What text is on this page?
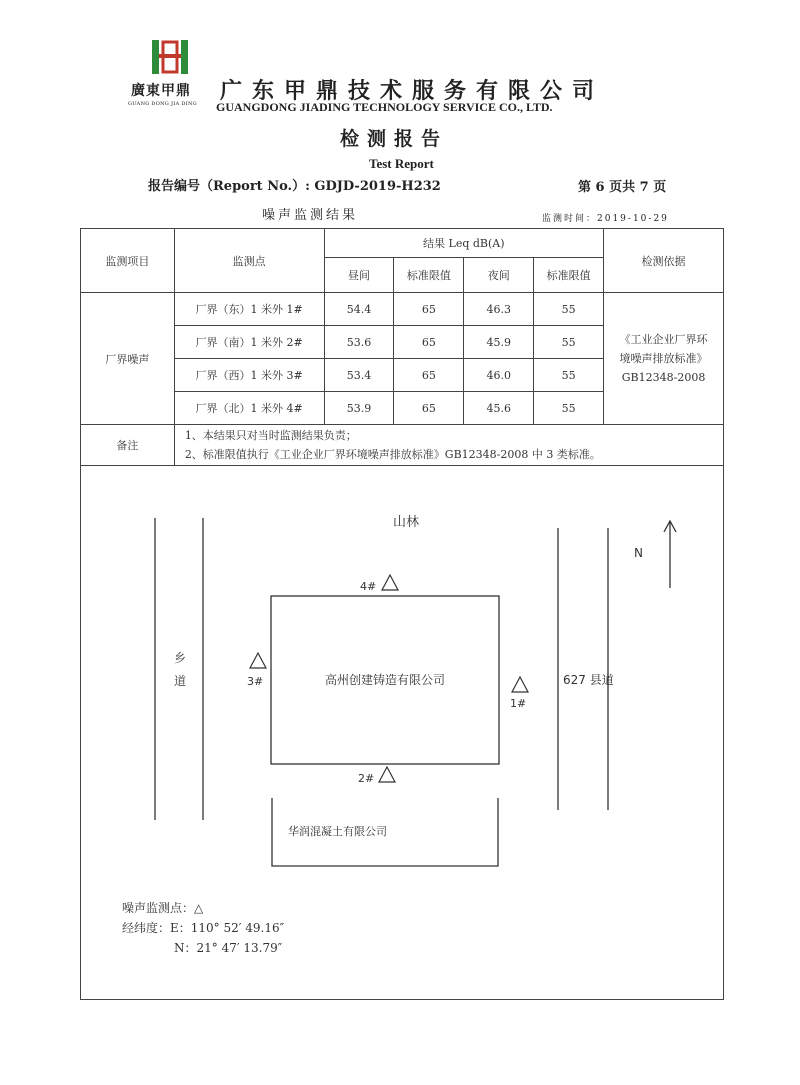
廣東甲鼎
GUANG DONG JIA DING 广东甲鼎技术服务有限公司
GUANGDONG JIADING TECHNOLOGY SERVICE CO., LTD.
检测报告
Test Report
报告编号（Report No.）: GDJD-2019-H232	第 6 页共 7 页
噪声监测结果	监测时间：2019-10-29
监测项目	监测点	结果 Leq dB(A)				检测依据
		昼间	标准限值	夜间	标准限值	
厂界噪声	厂界（东）1 米外 1#	54.4	65	46.3	55	《工业企业厂界环
境噪声排放标准》
GB12348-2008

	厂界（南）1 米外 2#	53.6	65	45.9	55	
	厂界（西）1 米外 3#	53.4	65	46.0	55	
	厂界（北）1 米外 4#	53.9	65	45.6	55	
备注	1、本结果只对当时监测结果负责；
2、标准限值执行《工业企业厂界环境噪声排放标准》GB12348-2008 中 3 类标准。					
N
山林
乡
道	627 县道
高州创建铸造有限公司
4#
2#
3#
1#
华润混凝土有限公司
噪声监测点：△
经纬度：E：110° 52′ 49.16″
N：21° 47′ 13.79″
